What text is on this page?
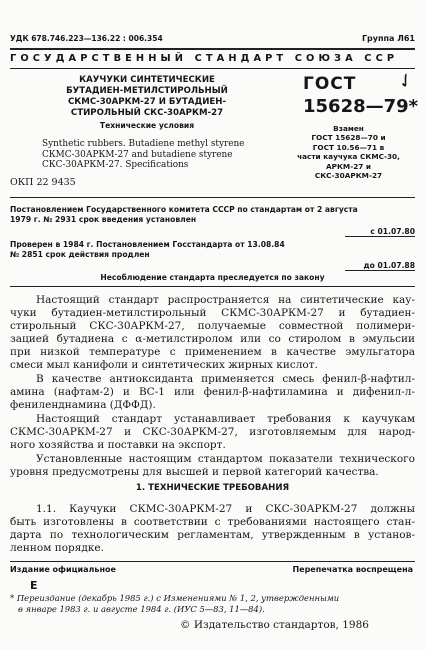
УДК 678.746.223—136.22 : 006.354	Группа Л61
ГОСУДАРСТВЕННЫЙ СТАНДАРТ СОЮЗА ССР
КАУЧУКИ СИНТЕТИЧЕСКИЕ
БУТАДИЕН-МЕТИЛСТИРОЛЬНЫЙ
СКМС-30АРКМ-27 И БУТАДИЕН-
СТИРОЛЬНЫЙ СКС-30АРКМ-27
Технические условия
Synthetic rubbers. Butadiene methyl styrene
СКМС-30АРКМ-27 and butadiene styrene
СКС-30АРКМ-27. Specifications
ОКП 22 9435
ГОСТ ✓
15628—79*
Взамен
ГОСТ 15628—70 и
ГОСТ 10.56—71 в
части каучука СКМС-30,
АРКМ-27 и
СКС-30АРКМ-27
Постановлением Государственного комитета СССР по стандартам от 2 августа
1979 г. № 2931 срок введения установлен
с 01.07.80
Проверен в 1984 г. Постановлением Госстандарта от 13.08.84
№ 2851 срок действия продлен
до 01.07.88
Несоблюдение стандарта преследуется по закону
Настоящий стандарт распространяется на синтетические кау-
чуки бутадиен-метилстирольный СКМС-30АРКМ-27 и бутадиен-
стирольный СКС-30АРКМ-27, получаемые совместной полимери-
зацией бутадиена с α-метилстиролом или со стиролом в эмульсии
при низкой температуре с применением в качестве эмульгатора
смеси мыл канифоли и синтетических жирных кислот.
В качестве антиоксиданта применяется смесь фенил-β-нафтил-
амина (нафтам-2) и ВС-1 или фенил-β-нафтиламина и дифенил-л-
фениленднамина (ДФФД).
Настоящий стандарт устанавливает требования к каучукам
СКМС-30АРКМ-27 и СКС-30АРКМ-27, изготовляемым для народ-
ного хозяйства и поставки на экспорт.
Установленные настоящим стандартом показатели технического
уровня предусмотрены для высшей и первой категорий качества.
1. ТЕХНИЧЕСКИЕ ТРЕБОВАНИЯ
1.1. Каучуки СКМС-30АРКМ-27 и СКС-30АРКМ-27 должны
быть изготовлены в соответствии с требованиями настоящего стан-
дарта по технологическим регламентам, утвержденным в установ-
ленном порядке.
Издание официальное	Перепечатка воспрещена
Е
* Переиздание (декабрь 1985 г.) с Изменениями № 1, 2, утвержденными
в январе 1983 г. и августе 1984 г. (ИУС 5—83, 11—84).
© Издательство стандартов, 1986
